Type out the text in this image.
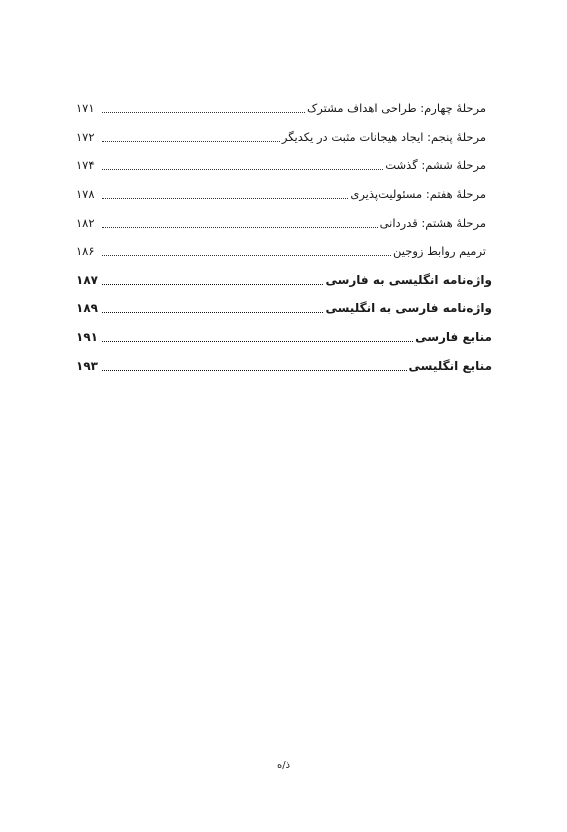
مرحلهٔ چهارم: طراحی اهداف مشترک
۱۷۱
مرحلهٔ پنجم: ایجاد هیجانات مثبت در یکدیگر
۱۷۲
مرحلهٔ ششم: گذشت
۱۷۴
مرحلهٔ هفتم: مسئولیت‌پذیری
۱۷۸
مرحلهٔ هشتم: قدردانی
۱۸۲
ترمیم روابط زوجین
۱۸۶
واژه‌نامه انگلیسی به فارسی
۱۸۷
واژه‌نامه فارسی به انگلیسی
۱۸۹
منابع فارسی
۱۹۱
منابع انگلیسی
۱۹۳
ذ/ه
